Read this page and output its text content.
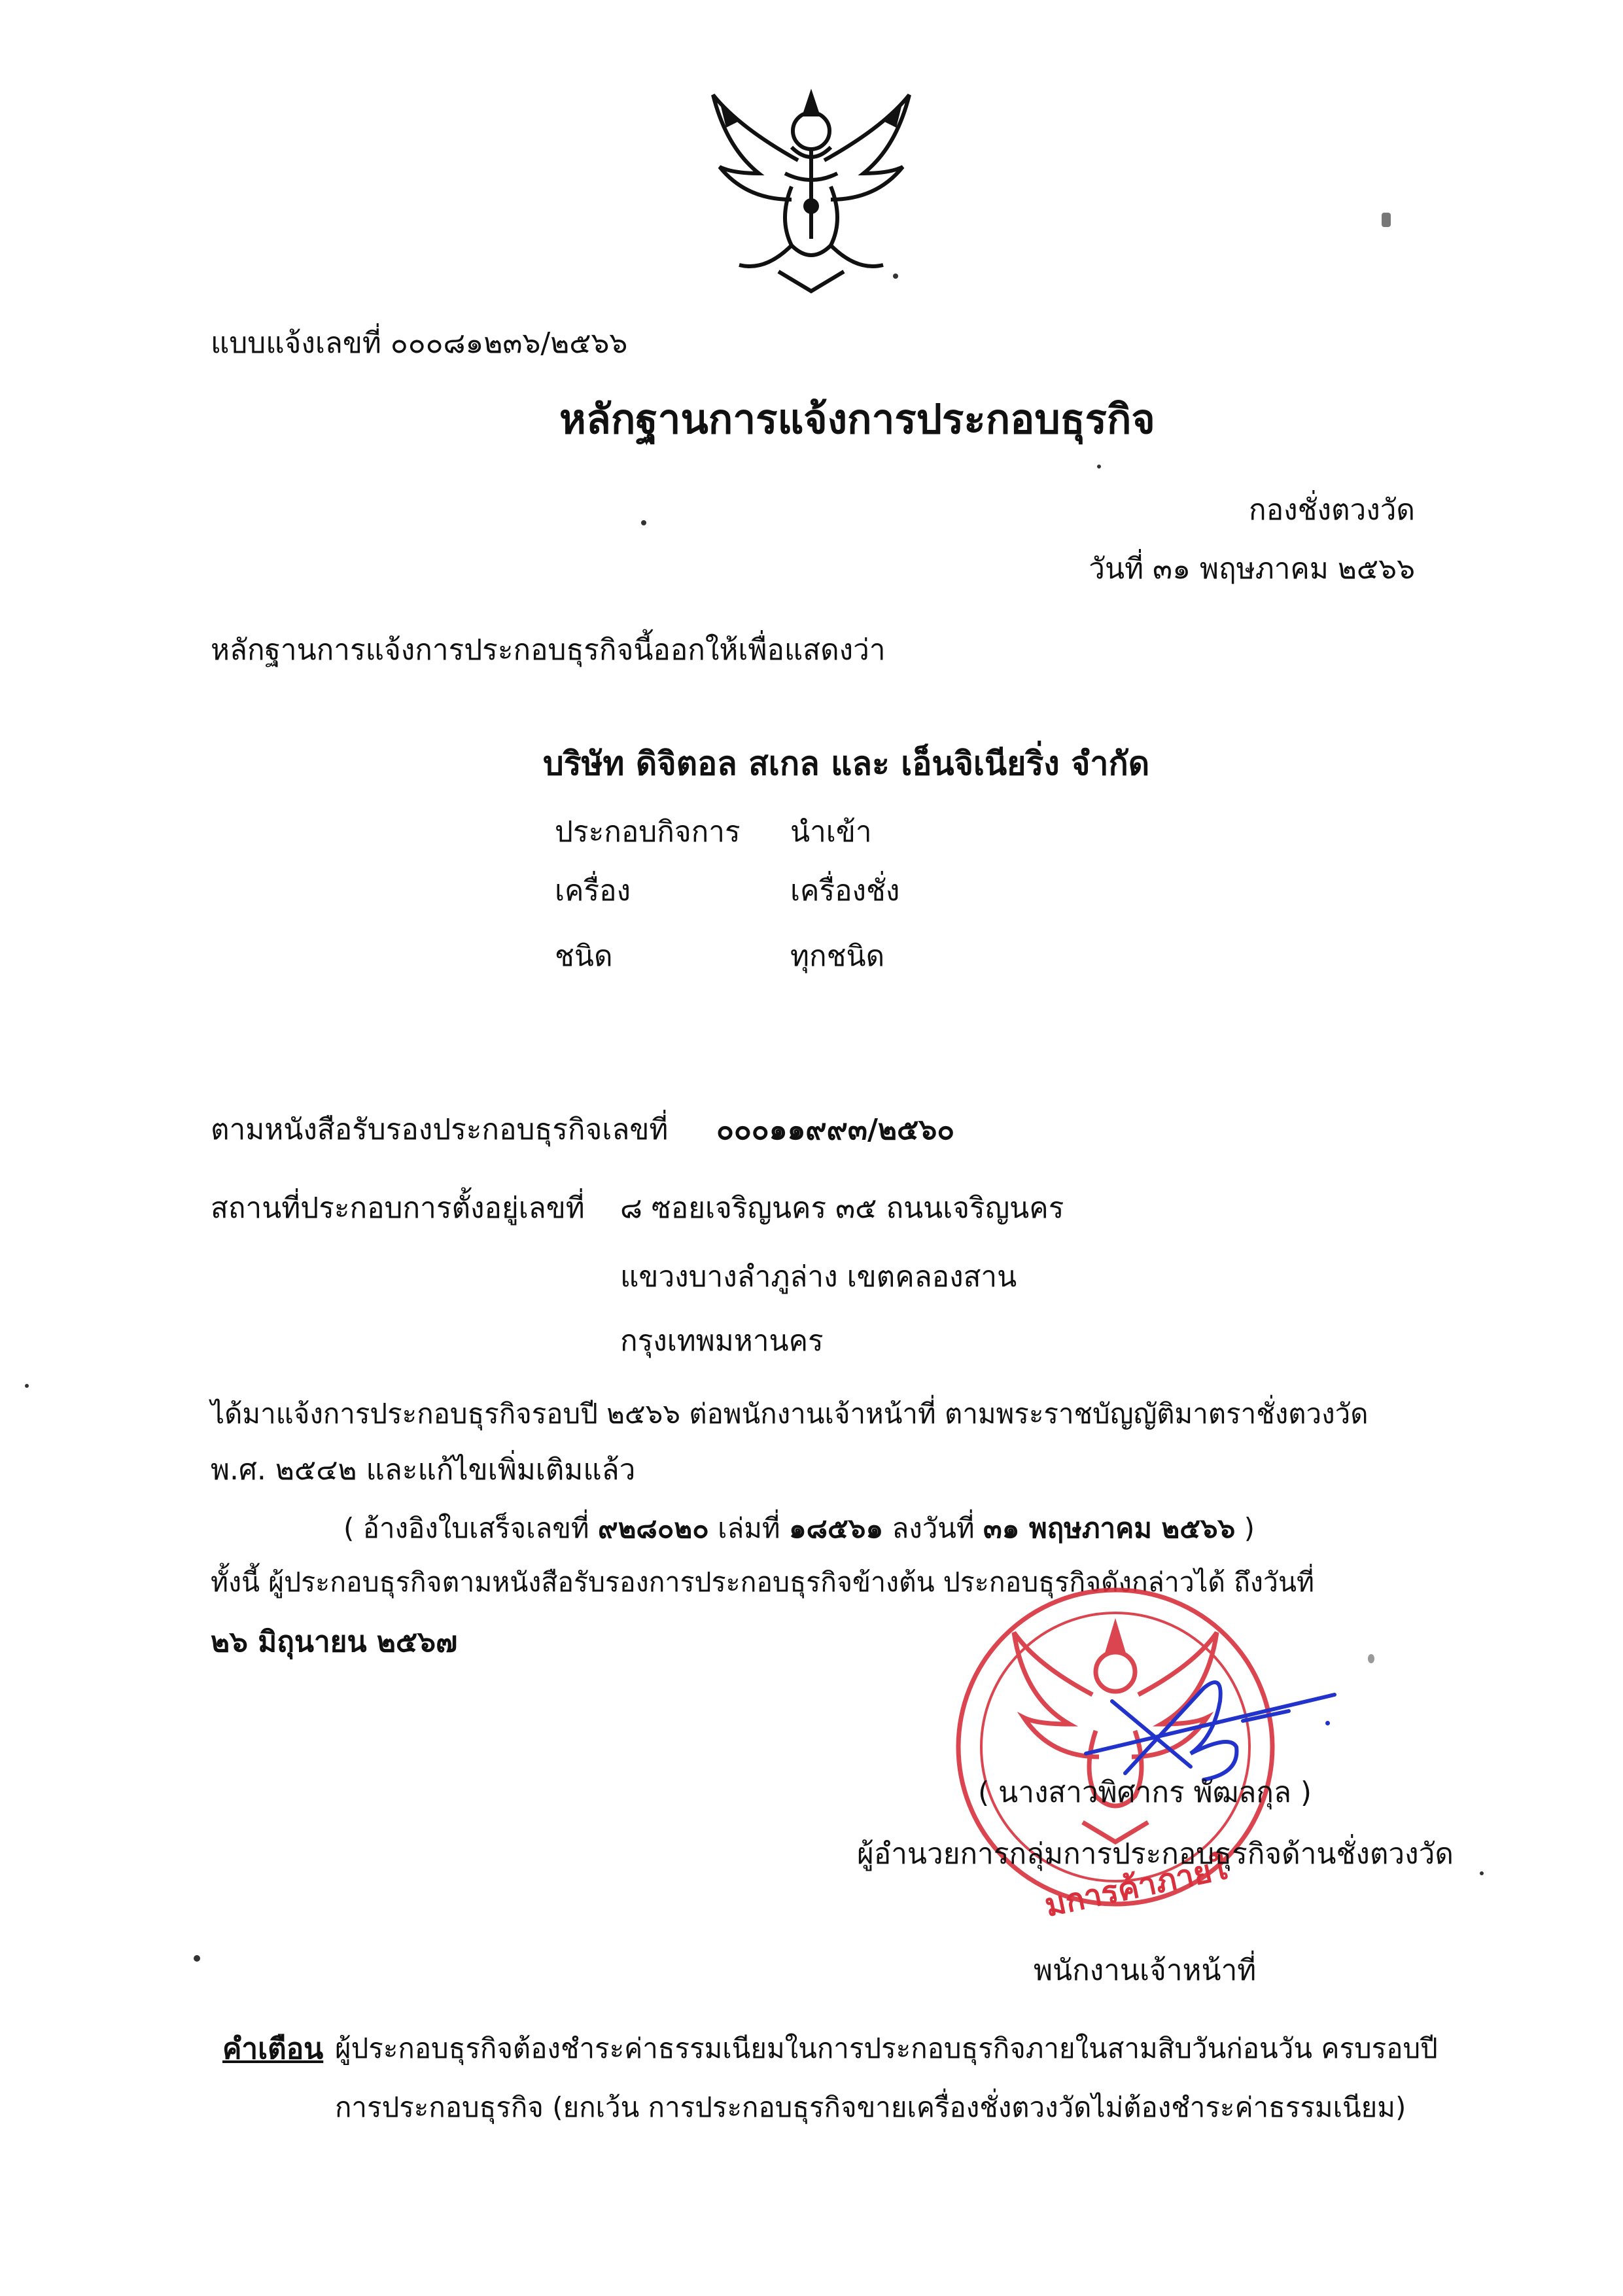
แบบแจ้งเลขที่ ๐๐๐๘๑๒๓๖/๒๕๖๖
หลักฐานการแจ้งการประกอบธุรกิจ
กองชั่งตวงวัด
วันที่ ๓๑ พฤษภาคม ๒๕๖๖
หลักฐานการแจ้งการประกอบธุรกิจนี้ออกให้เพื่อแสดงว่า
บริษัท ดิจิตอล สเกล และ เอ็นจิเนียริ่ง จำกัด
ประกอบกิจการ นำเข้า
เครื่อง	เครื่องชั่ง
ชนิด	ทุกชนิด
ตามหนังสือรับรองประกอบธุรกิจเลขที่ ๐๐๐๑๑๙๙๓/๒๕๖๐
สถานที่ประกอบการตั้งอยู่เลขที่ ๘ ซอยเจริญนคร ๓๕ ถนนเจริญนคร
แขวงบางลำภูล่าง เขตคลองสาน
กรุงเทพมหานคร
ได้มาแจ้งการประกอบธุรกิจรอบปี ๒๕๖๖ ต่อพนักงานเจ้าหน้าที่ ตามพระราชบัญญัติมาตราชั่งตวงวัด
พ.ศ. ๒๕๔๒ และแก้ไขเพิ่มเติมแล้ว
( อ้างอิงใบเสร็จเลขที่ ๙๒๘๐๒๐ เล่มที่ ๑๘๕๖๑ ลงวันที่ ๓๑ พฤษภาคม ๒๕๖๖ )
ทั้งนี้ ผู้ประกอบธุรกิจตามหนังสือรับรองการประกอบธุรกิจข้างต้น ประกอบธุรกิจดังกล่าวได้ ถึงวันที่
๒๖ มิถุนายน ๒๕๖๗
มการค้าภายใ
( นางสาวพิศากร พัฒลกุล )
ผู้อำนวยการกลุ่มการประกอบธุรกิจด้านชั่งตวงวัด
พนักงานเจ้าหน้าที่
คำเตือน ผู้ประกอบธุรกิจต้องชำระค่าธรรมเนียมในการประกอบธุรกิจภายในสามสิบวันก่อนวัน ครบรอบปี
การประกอบธุรกิจ (ยกเว้น การประกอบธุรกิจขายเครื่องชั่งตวงวัดไม่ต้องชำระค่าธรรมเนียม)
